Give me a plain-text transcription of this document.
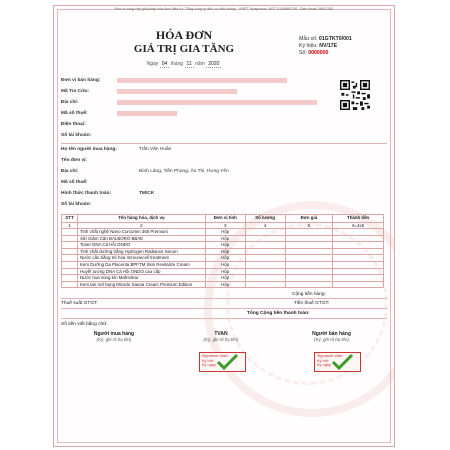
Đơn vị cung cấp giải pháp hóa đơn điện tử: Tổng công ty dịch vụ viễn thông - VNPT Vinaphone, MST 0106869738 - Điện thoại 18001260
HÓA ĐƠN
GIÁ TRỊ GIA TĂNG
Ngày 04 tháng 11 năm 2020
Mẫu số: 01GTKT0/001
Ký hiệu: NV/17E
Số: 0000000
Đơn vị bán hàng:
Mã Tra Cứu:
Địa chỉ:
Mã số thuế:
Điện thoại:
Số tài khoản:
Họ tên người mua hàng:	Trần Văn Huấn
Tên đơn vị:
Địa chỉ:	Bình Lăng, Tiền Phong, Ân Thi, Hưng Yên
Mã số thuế:
Hình thức thanh toán:	TM/CK
Số tài khoản:
STT	Tên hàng hóa, dịch vụ	Đơn vị tính	Số lượng	Đơn giá	Thành tiền
1	2	3	4	5	6=4x5
	Tinh chất nghệ Nano Curcumin 365 Premium	Hộp			
	Sữi Giảm Cân BALBORO BBAE	Hộp			
	Toner DNA Cá Hồi ONDO	Hộp			
	Tinh chất dưỡng trắng Hydrogen Radiance Serum	Hộp			
	Nước cân bằng trẻ hóa Immunecell treatment	Hộp			
	Kem Dưỡng Da Placenta BPFTM Skin Revitalize Cream	Hộp			
	Huyết tương DNA Cá Hồi ONDO cao cấp	Hộp			
	Nước hoa vùng kín Mafredeur	Hộp			
	Kem tan mỡ bụng Miracle Sauna Cream Premium Edition	Hộp			
Cộng tiền hàng:
Thuế suất GTGT:	Tiền thuế GTGT:
Tổng Cộng tiền thanh toán:
Số tiền viết bằng chữ:
Người mua hàng
(Ký, ghi rõ họ tên)
TVAN
(Ký, ghi rõ họ tên)
Người bán hàng
(Ký, ghi rõ họ tên)
Signature Valid
Ký bởi:
Ký ngày:
Signature Valid
Ký bởi:
Ký ngày:
